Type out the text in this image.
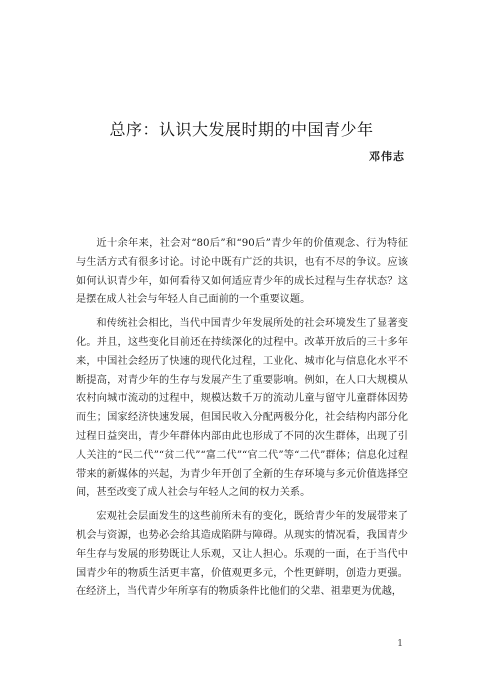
总序：认识大发展时期的中国青少年
邓伟志

近十余年来，社会对“80后”和“90后”青少年的价值观念、行为特征与生活方式有很多讨论。讨论中既有广泛的共识，也有不尽的争议。应该如何认识青少年，如何看待又如何适应青少年的成长过程与生存状态？这是摆在成人社会与年轻人自己面前的一个重要议题。

和传统社会相比，当代中国青少年发展所处的社会环境发生了显著变化。并且，这些变化目前还在持续深化的过程中。改革开放后的三十多年来，中国社会经历了快速的现代化过程，工业化、城市化与信息化水平不断提高，对青少年的生存与发展产生了重要影响。例如，在人口大规模从农村向城市流动的过程中，规模达数千万的流动儿童与留守儿童群体因势而生；国家经济快速发展，但国民收入分配两极分化，社会结构内部分化过程日益突出，青少年群体内部由此也形成了不同的次生群体，出现了引人关注的“民二代”“贫二代”“富二代”“官二代”等“二代”群体；信息化过程带来的新媒体的兴起，为青少年开创了全新的生存环境与多元价值选择空间，甚至改变了成人社会与年轻人之间的权力关系。

宏观社会层面发生的这些前所未有的变化，既给青少年的发展带来了机会与资源，也势必会给其造成陷阱与障碍。从现实的情况看，我国青少年生存与发展的形势既让人乐观，又让人担心。乐观的一面，在于当代中国青少年的物质生活更丰富，价值观更多元，个性更鲜明，创造力更强。在经济上，当代青少年所享有的物质条件比他们的父辈、祖辈更为优越，

1
